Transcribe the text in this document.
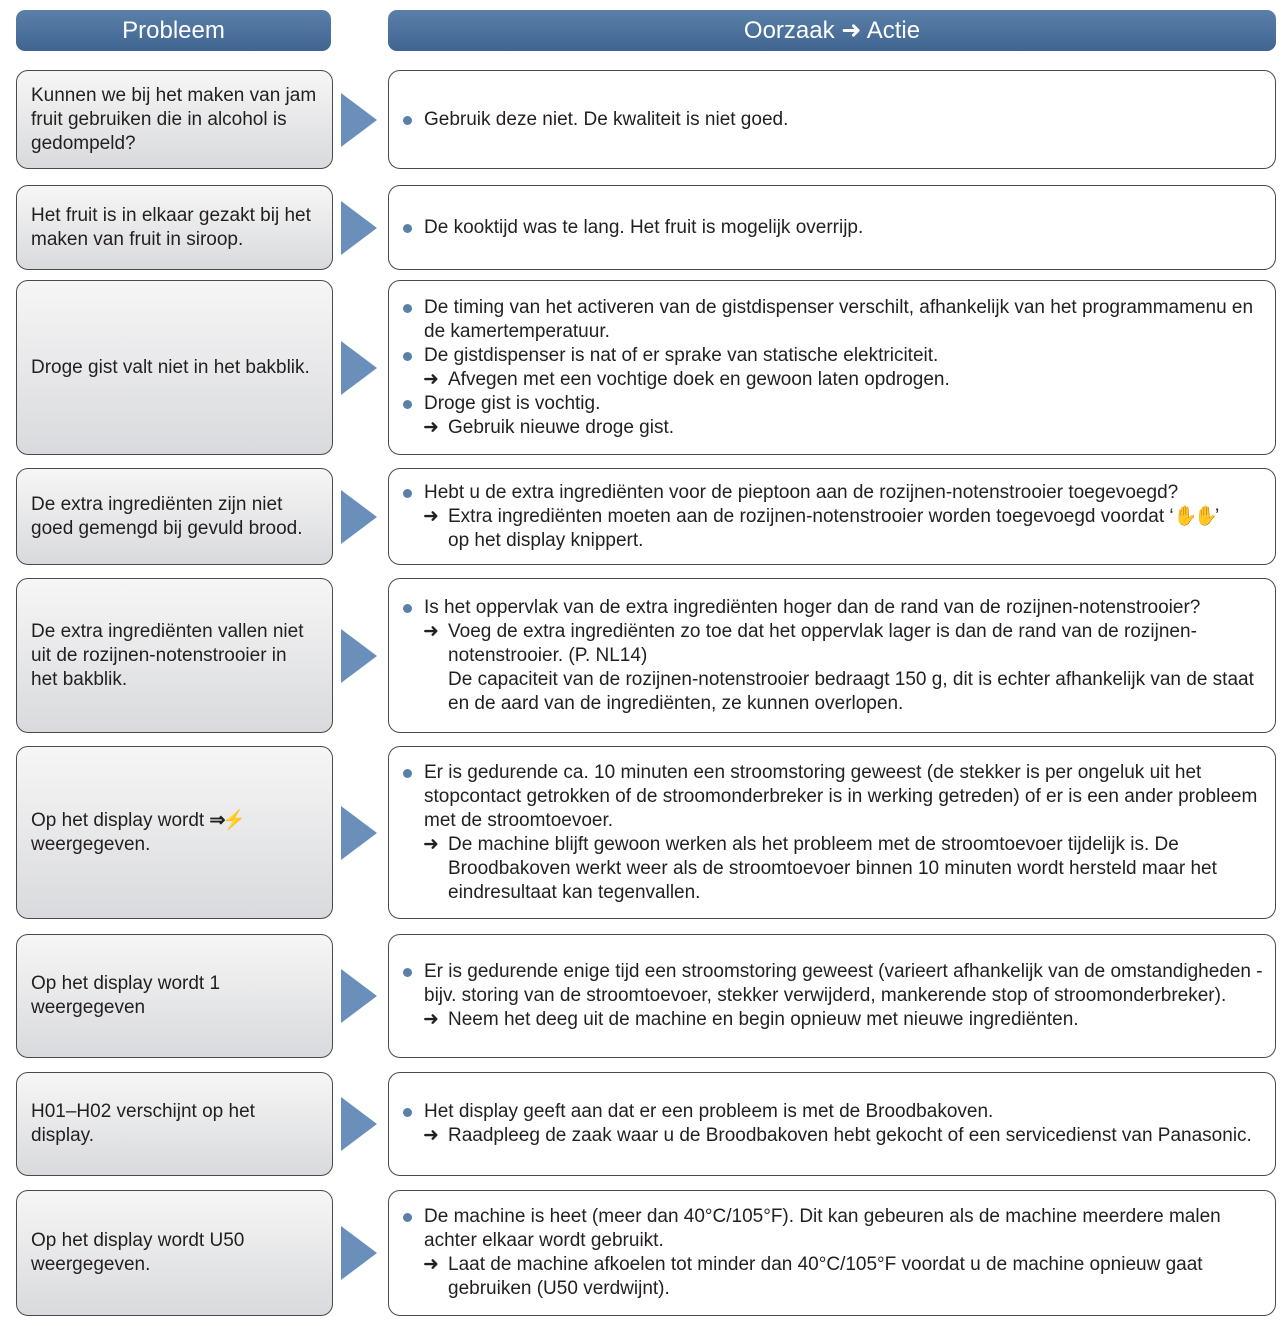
Probleem	Oorzaak ➜ Actie
Kunnen we bij het maken van jam fruit gebruiken die in alcohol is gedompeld?
Gebruik deze niet. De kwaliteit is niet goed.
Het fruit is in elkaar gezakt bij het maken van fruit in siroop.
De kooktijd was te lang. Het fruit is mogelijk overrijp.
Droge gist valt niet in het bakblik.
De timing van het activeren van de gistdispenser verschilt, afhankelijk van het programmamenu en de kamertemperatuur.
De gistdispenser is nat of er sprake van statische elektriciteit.
➜ Afvegen met een vochtige doek en gewoon laten opdrogen.
Droge gist is vochtig.
➜ Gebruik nieuwe droge gist.
De extra ingrediënten zijn niet goed gemengd bij gevuld brood.
Hebt u de extra ingrediënten voor de pieptoon aan de rozijnen-notenstrooier toegevoegd?
➜ Extra ingrediënten moeten aan de rozijnen-notenstrooier worden toegevoegd voordat ‘✋✋’
op het display knippert.
De extra ingrediënten vallen niet uit de rozijnen-notenstrooier in het bakblik.
Is het oppervlak van de extra ingrediënten hoger dan de rand van de rozijnen-notenstrooier?
➜ Voeg de extra ingrediënten zo toe dat het oppervlak lager is dan de rand van de rozijnen-notenstrooier. (P. NL14)
De capaciteit van de rozijnen-notenstrooier bedraagt 150 g, dit is echter afhankelijk van de staat en de aard van de ingrediënten, ze kunnen overlopen.
Op het display wordt ⇒⚡
weergegeven.
Er is gedurende ca. 10 minuten een stroomstoring geweest (de stekker is per ongeluk uit het stopcontact getrokken of de stroomonderbreker is in werking getreden) of er is een ander probleem met de stroomtoevoer.
➜ De machine blijft gewoon werken als het probleem met de stroomtoevoer tijdelijk is. De Broodbakoven werkt weer als de stroomtoevoer binnen 10 minuten wordt hersteld maar het eindresultaat kan tegenvallen.
Op het display wordt 1 weergegeven
Er is gedurende enige tijd een stroomstoring geweest (varieert afhankelijk van de omstandigheden - bijv. storing van de stroomtoevoer, stekker verwijderd, mankerende stop of stroomonderbreker).
➜ Neem het deeg uit de machine en begin opnieuw met nieuwe ingrediënten.
H01–H02 verschijnt op het display.
Het display geeft aan dat er een probleem is met de Broodbakoven.
➜ Raadpleeg de zaak waar u de Broodbakoven hebt gekocht of een servicedienst van Panasonic.
Op het display wordt U50 weergegeven.
De machine is heet (meer dan 40°C/105°F). Dit kan gebeuren als de machine meerdere malen achter elkaar wordt gebruikt.
➜ Laat de machine afkoelen tot minder dan 40°C/105°F voordat u de machine opnieuw gaat gebruiken (U50 verdwijnt).
